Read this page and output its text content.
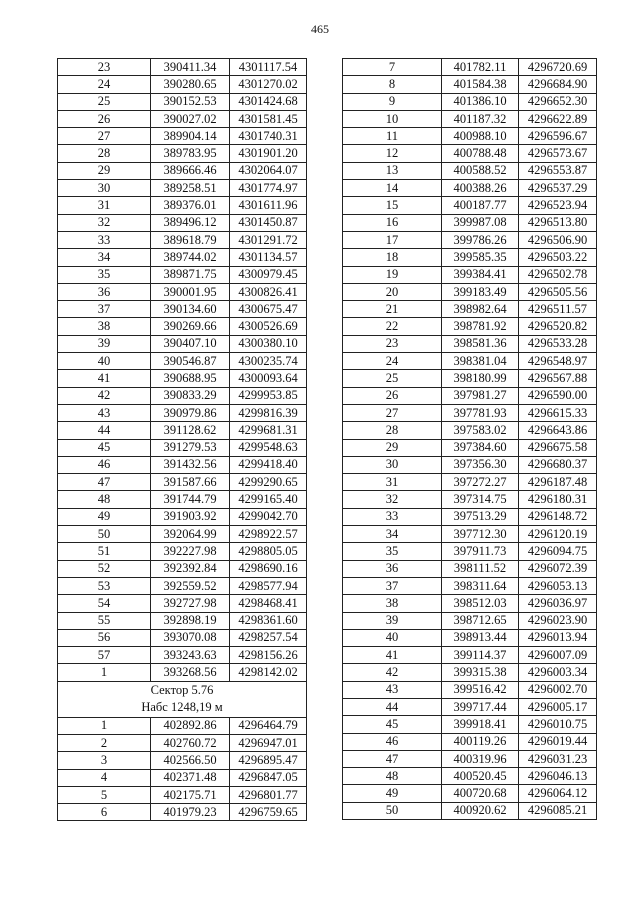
465
23	390411.34	4301117.54
24	390280.65	4301270.02
25	390152.53	4301424.68
26	390027.02	4301581.45
27	389904.14	4301740.31
28	389783.95	4301901.20
29	389666.46	4302064.07
30	389258.51	4301774.97
31	389376.01	4301611.96
32	389496.12	4301450.87
33	389618.79	4301291.72
34	389744.02	4301134.57
35	389871.75	4300979.45
36	390001.95	4300826.41
37	390134.60	4300675.47
38	390269.66	4300526.69
39	390407.10	4300380.10
40	390546.87	4300235.74
41	390688.95	4300093.64
42	390833.29	4299953.85
43	390979.86	4299816.39
44	391128.62	4299681.31
45	391279.53	4299548.63
46	391432.56	4299418.40
47	391587.66	4299290.65
48	391744.79	4299165.40
49	391903.92	4299042.70
50	392064.99	4298922.57
51	392227.98	4298805.05
52	392392.84	4298690.16
53	392559.52	4298577.94
54	392727.98	4298468.41
55	392898.19	4298361.60
56	393070.08	4298257.54
57	393243.63	4298156.26
1	393268.56	4298142.02
Сектор 5.76
Набс 1248,19 м		
1	402892.86	4296464.79
2	402760.72	4296947.01
3	402566.50	4296895.47
4	402371.48	4296847.05
5	402175.71	4296801.77
6	401979.23	4296759.65
7	401782.11	4296720.69
8	401584.38	4296684.90
9	401386.10	4296652.30
10	401187.32	4296622.89
11	400988.10	4296596.67
12	400788.48	4296573.67
13	400588.52	4296553.87
14	400388.26	4296537.29
15	400187.77	4296523.94
16	399987.08	4296513.80
17	399786.26	4296506.90
18	399585.35	4296503.22
19	399384.41	4296502.78
20	399183.49	4296505.56
21	398982.64	4296511.57
22	398781.92	4296520.82
23	398581.36	4296533.28
24	398381.04	4296548.97
25	398180.99	4296567.88
26	397981.27	4296590.00
27	397781.93	4296615.33
28	397583.02	4296643.86
29	397384.60	4296675.58
30	397356.30	4296680.37
31	397272.27	4296187.48
32	397314.75	4296180.31
33	397513.29	4296148.72
34	397712.30	4296120.19
35	397911.73	4296094.75
36	398111.52	4296072.39
37	398311.64	4296053.13
38	398512.03	4296036.97
39	398712.65	4296023.90
40	398913.44	4296013.94
41	399114.37	4296007.09
42	399315.38	4296003.34
43	399516.42	4296002.70
44	399717.44	4296005.17
45	399918.41	4296010.75
46	400119.26	4296019.44
47	400319.96	4296031.23
48	400520.45	4296046.13
49	400720.68	4296064.12
50	400920.62	4296085.21
